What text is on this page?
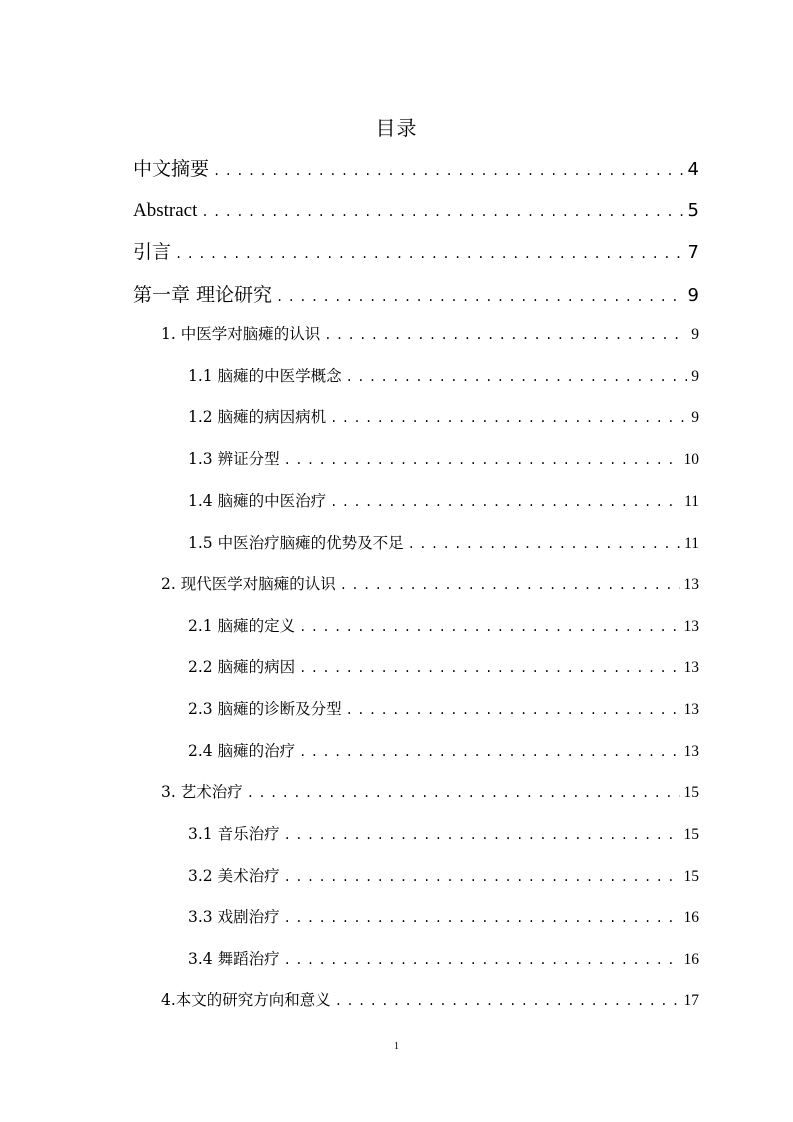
目录
中文摘要 .....	4
Abstract .....	5
引言 .....	7
第一章 理论研究 .....	9
1. 中医学对脑瘫的认识 .....	9
1.1 脑瘫的中医学概念 .....	9
1.2 脑瘫的病因病机 .....	9
1.3 辨证分型 .....	10
1.4 脑瘫的中医治疗 .....	11
1.5 中医治疗脑瘫的优势及不足 .....	11
2. 现代医学对脑瘫的认识 .....	13
2.1 脑瘫的定义 .....	13
2.2 脑瘫的病因 .....	13
2.3 脑瘫的诊断及分型 .....	13
2.4 脑瘫的治疗 .....	13
3. 艺术治疗 .....	15
3.1 音乐治疗 .....	15
3.2 美术治疗 .....	15
3.3 戏剧治疗 .....	16
3.4 舞蹈治疗 .....	16
4.本文的研究方向和意义 .....	17
1
